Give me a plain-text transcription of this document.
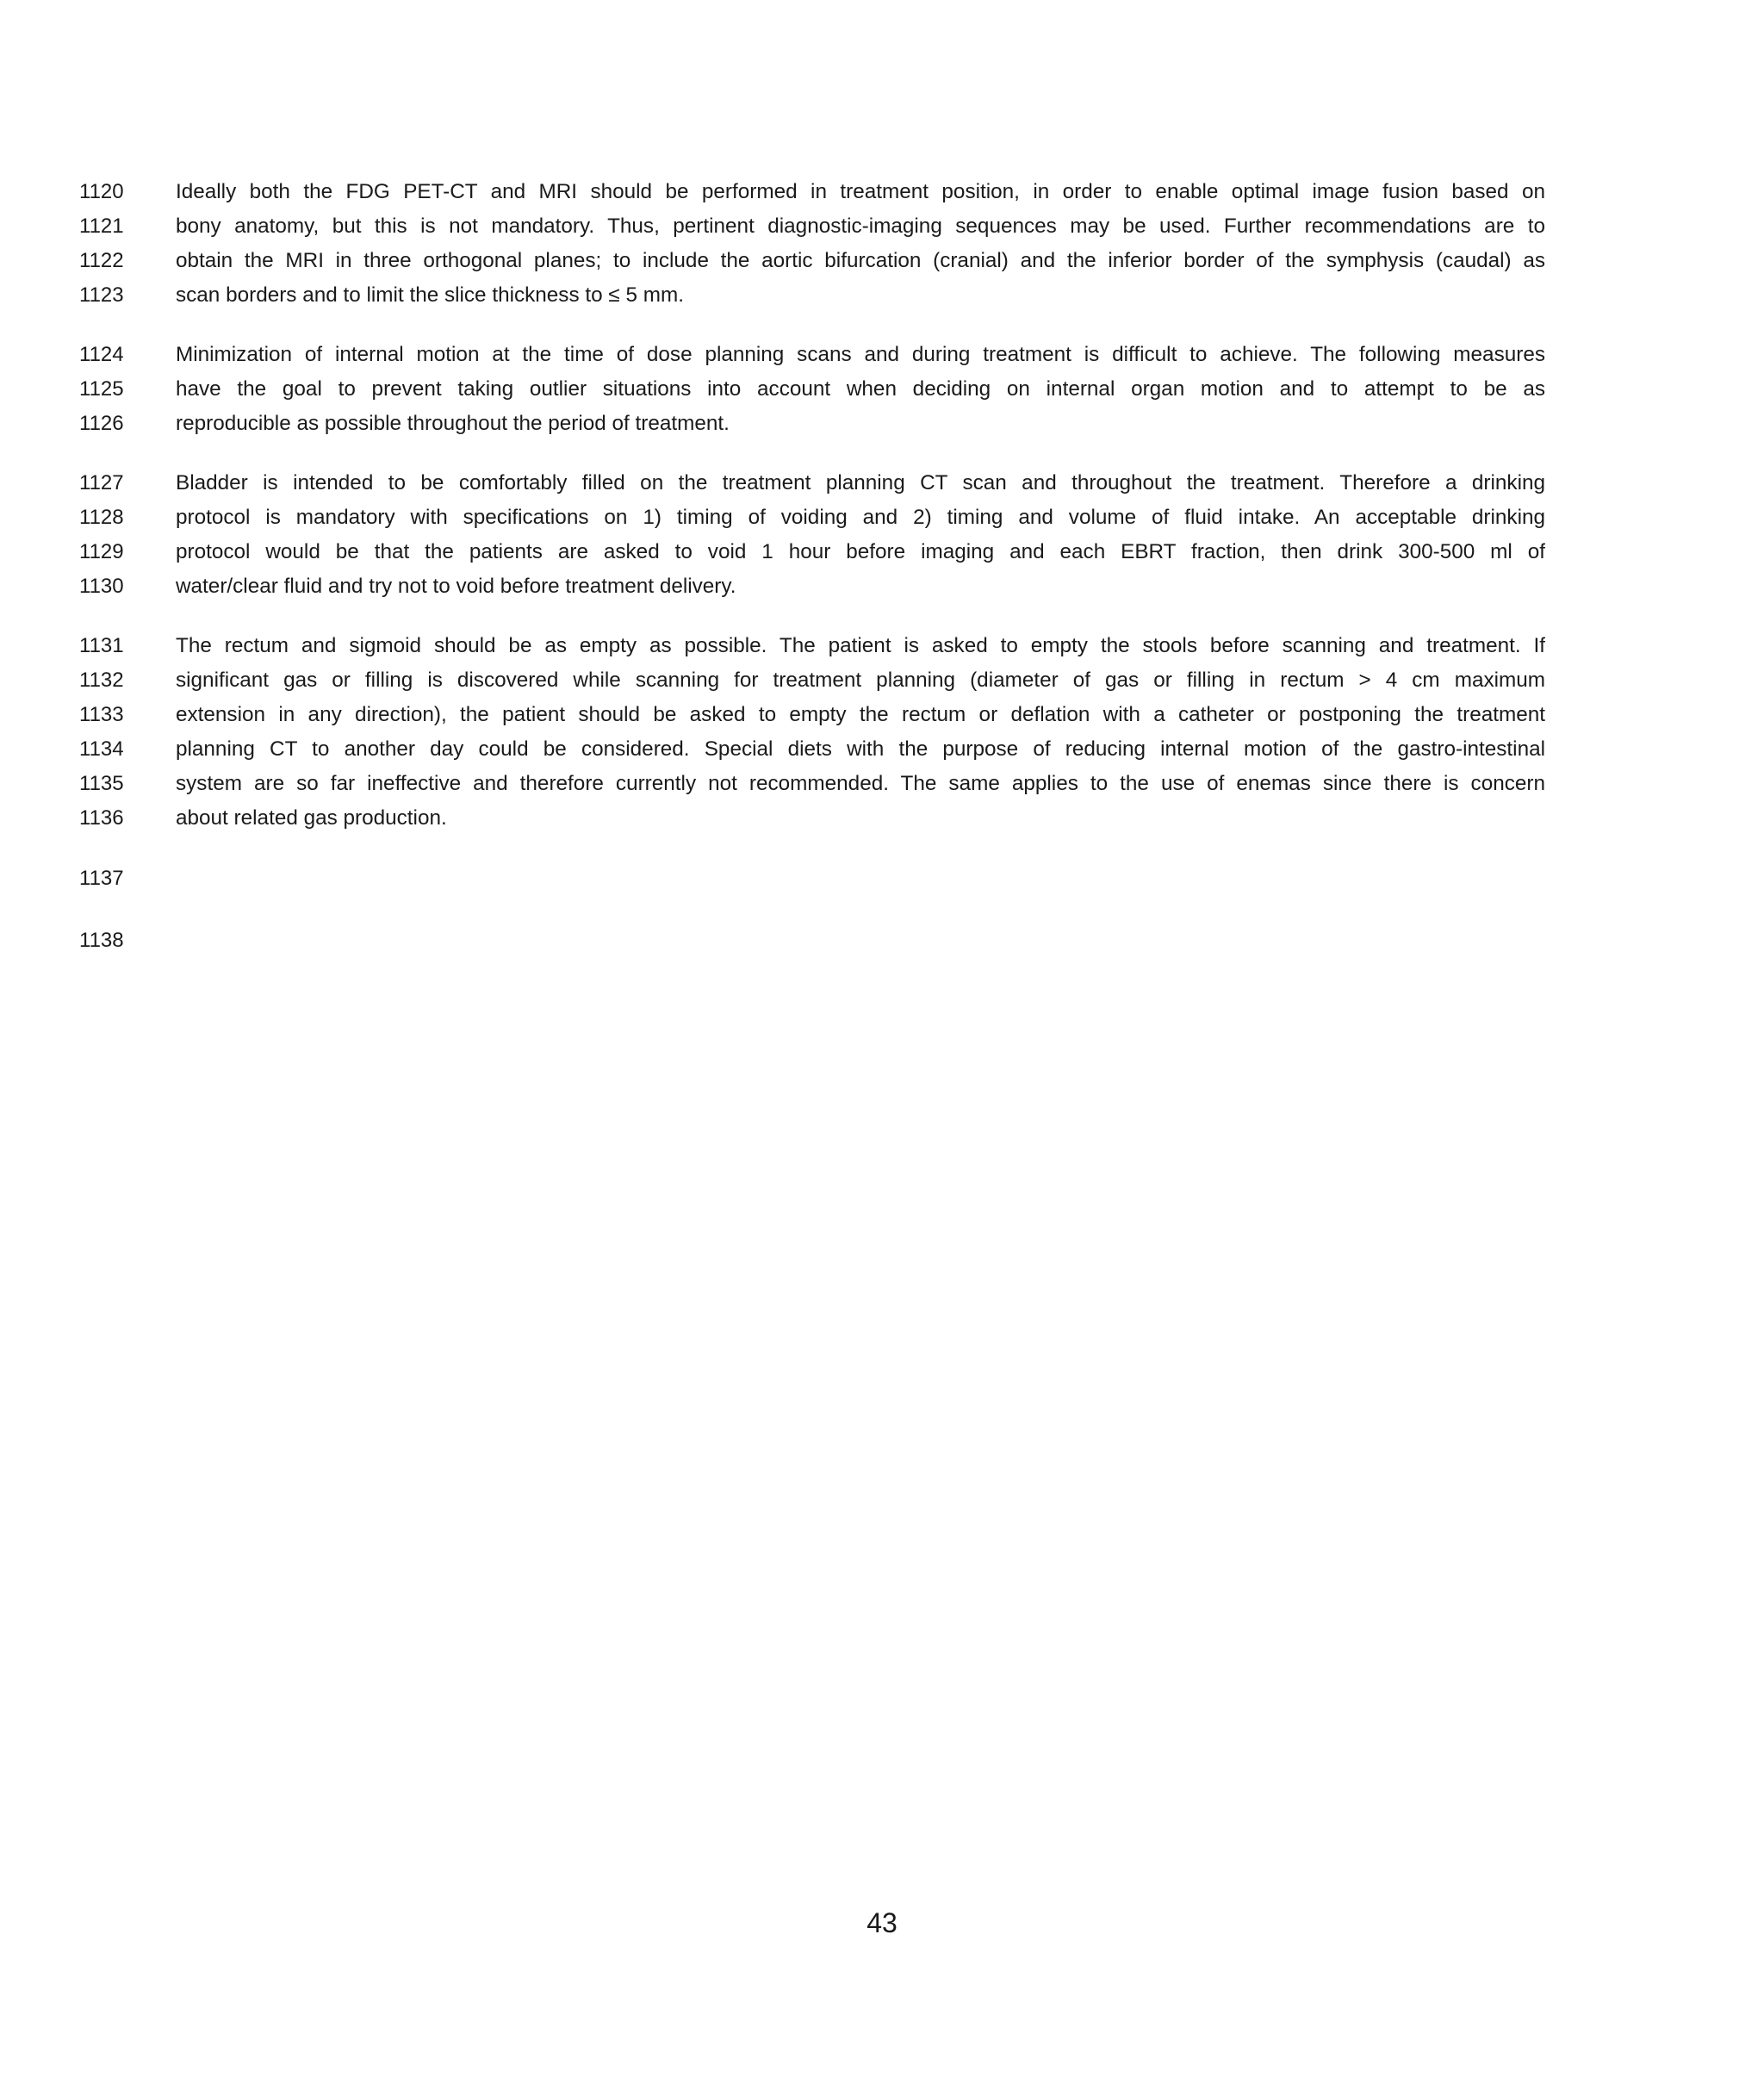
1120	Ideally both the FDG PET-CT and MRI should be performed in treatment position, in order to enable optimal image fusion based on
1121	bony anatomy, but this is not mandatory. Thus, pertinent diagnostic-imaging sequences may be used. Further recommendations are to
1122	obtain the MRI in three orthogonal planes; to include the aortic bifurcation (cranial) and the inferior border of the symphysis (caudal) as
1123	scan borders and to limit the slice thickness to ≤ 5 mm.
1124	Minimization of internal motion at the time of dose planning scans and during treatment is difficult to achieve. The following measures
1125	have the goal to prevent taking outlier situations into account when deciding on internal organ motion and to attempt to be as
1126	reproducible as possible throughout the period of treatment.
1127	Bladder is intended to be comfortably filled on the treatment planning CT scan and throughout the treatment. Therefore a drinking
1128	protocol is mandatory with specifications on 1) timing of voiding and 2) timing and volume of fluid intake. An acceptable drinking
1129	protocol would be that the patients are asked to void 1 hour before imaging and each EBRT fraction, then drink 300-500 ml of
1130	water/clear fluid and try not to void before treatment delivery.
1131	The rectum and sigmoid should be as empty as possible. The patient is asked to empty the stools before scanning and treatment. If
1132	significant gas or filling is discovered while scanning for treatment planning (diameter of gas or filling in rectum > 4 cm maximum
1133	extension in any direction), the patient should be asked to empty the rectum or deflation with a catheter or postponing the treatment
1134	planning CT to another day could be considered. Special diets with the purpose of reducing internal motion of the gastro-intestinal
1135	system are so far ineffective and therefore currently not recommended. The same applies to the use of enemas since there is concern
1136	about related gas production.
1137
1138
43
